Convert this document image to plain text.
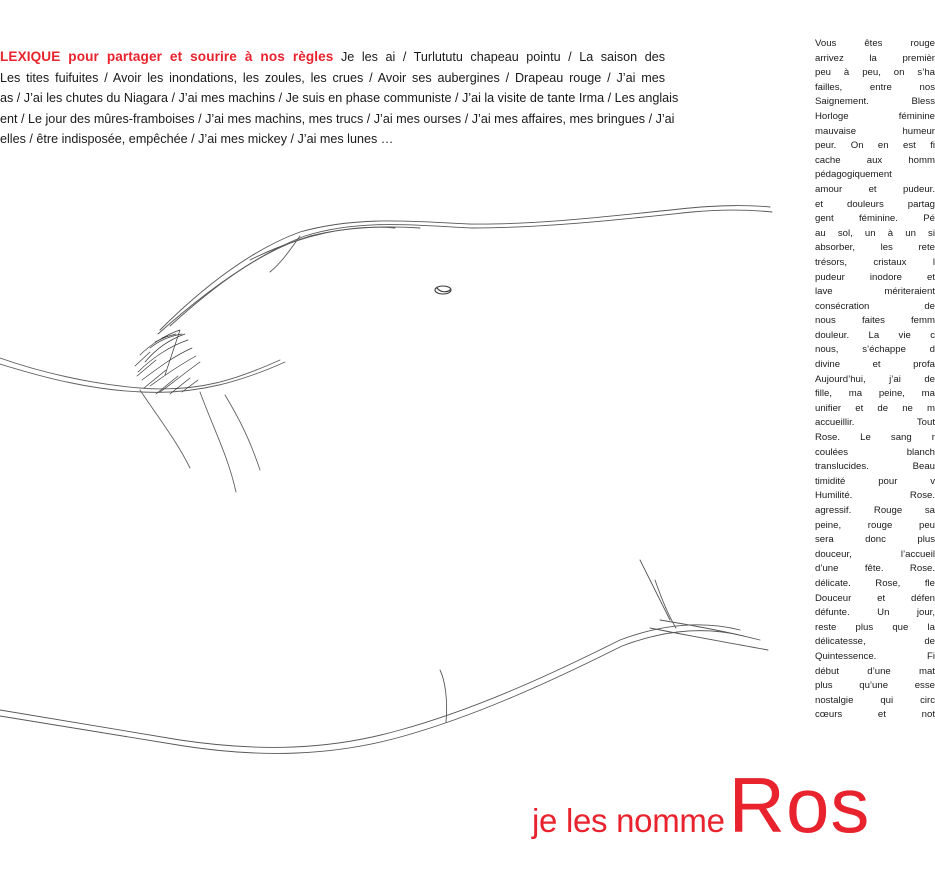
LEXIQUE pour partager et sourire à nos règles Je les ai / Turlututu chapeau pointu / La saison des
Les tites fuifuites / Avoir les inondations, les zoules, les crues / Avoir ses aubergines / Drapeau rouge / J’ai mes
as / J’ai les chutes du Niagara / J’ai mes machins / Je suis en phase communiste / J’ai la visite de tante Irma / Les anglais
ent / Le jour des mûres-framboises / J’ai mes machins, mes trucs / J’ai mes ourses / J’ai mes affaires, mes bringues / J’ai
elles / être indisposée, empêchée / J’ai mes mickey / J’ai mes lunes …
Vous êtes rouge
arrivez la premièr
peu à peu, on s’ha
failles, entre nos
Saignement. Bless
Horloge féminine
mauvaise humeur
peur. On en est fi
cache aux homm
pédagogiquement
amour et pudeur.
et douleurs partag
gent féminine. Pé
au sol, un à un si
absorber, les rete
trésors, cristaux l
pudeur inodore et
lave mériteraient
consécration de
nous faites femm
douleur. La vie c
nous, s’échappe d
divine et profa
Aujourd’hui, j’ai de
fille, ma peine, ma
unifier et de ne m
accueillir. Tout
Rose. Le sang r
coulées blanch
translucides. Beau
timidité pour v
Humilité. Rose.
agressif. Rouge sa
peine, rouge peu
sera donc plus
douceur, l’accueil
d’une fête. Rose.
délicate. Rose, fle
Douceur et défen
défunte. Un jour,
reste plus que la
délicatesse, de
Quintessence. Fi
début d’une mat
plus qu’une esse
nostalgie qui circ
cœurs et not
je les nommeRos
